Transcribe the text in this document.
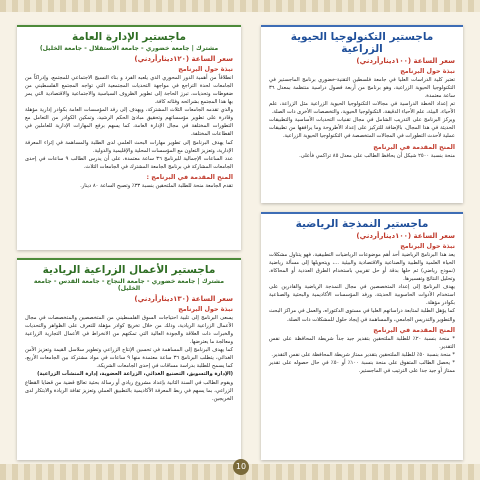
ماجستير التكنولوجيا الحيوية الزراعية
سعر الساعة (١٠٠دينارأردني)
نبذة حول البرنامج

تعتبر كلية الدراسات العليا في جامعة فلسطين التقنية-خضوري برنامج الماجستير في التكنولوجيا الحيوية الزراعية، وهو برنامج من أربعة فصول دراسية منتظمة بمعدل ٣٦ ساعة معتمدة.

تم إعداد الخطة الدراسية في مجالات التكنولوجيا الحيوية الزراعية مثل الزراعة، علم الأحياء، البيئة، علم الأحياء الدقيقة، التكنولوجيا الحيوية، والتخصصات الأخرى ذات الصلة.

ويركز البرنامج على التدريب الشامل في مجال تقنيات التحديات الأساسية والتطبيقات الحديثة في هذا المجال، بالإضافة للتركيز على إعداد الأطروحة وما يرافقها من تطبيقات عملية لأحدث التطورات في المجالات المتخصصة في التكنولوجيا الحيوية الزراعية.

المنح المقدمة في البرنامج

منحة بنسبة ٢٥٠٠ شيكل أن يحافظ الطالب على معدل ٨٥ تراكمي فأعلى.

ماجستير الإدارة العامة
مشترك | جامعة خضوري - جامعة الاستقلال - جامعة الخليل)
سعر الساعة (١٢٠دينارأردني)
نبذة حول البرنامج

انطلاقاً من أهمية الدور المحوري الذي يلعبه الفرد و بناء النسيج الاجتماعي للمجتمع، وإدراكاً من الجامعات لحدة التراجع في مواجهة التحديات المجتمعية التي تواجه المجتمع الفلسطيني من ضغوطات وتحديات، تبرز الحاجة إلى تطوير الظروف السياسية والاجتماعية والاقتصادية التي يمر بها هذا المجتمع بشرائحه وفئاته كافة.

والذي تقدمه الجامعات الثلاث المشتركة، ويهدف إلى رفد المؤسسات العامة بكوادر إدارية مؤهلة وقادرة على تطوير مؤسساتهم وتحقيق مبادئ الحكم الرشيد، وتمكين الكوادر من التعامل مع التطورات المختلفة في مجال الإدارة العامة، كما يسهم برفع المهارات الإدارية للعاملين في القطاعات المختلفة.

كما يهدف البرنامج إلى تطوير مهارات البحث العلمي لدى الطلبة والمساهمة في إثراء المعرفة الإدارية، وتعزيز التعاون مع المؤسسات المحلية والإقليمية والدولية.

عدد الساعات الإجمالية للبرنامج ٣٦ ساعة معتمدة، على أن يدرس الطالب ٩ ساعات في إحدى الجامعات المشاركة في برنامج الجامعة المشترك في الجامعات الثلاث.

المنح المقدمة في البرنامج :

تقدم الجامعة منحة للطلبة الملتحقين بنسبة ٣٣٪ وتصبح الساعة ٨٠ دينار.

ماجستير النمذجة الرياضية
سعر الساعة (١٠٠دينارأردني)
نبذة حول البرنامج

يعد هذا البرنامج الرياضية أحد أهم موضوعات الرياضيات التطبيقية، فهو يتناول مشكلات الحياة العلمية والطبية والصناعية والاقتصادية والبيئية ...، ويتحويلها إلى مسألة رياضية (نموذج رياضي) ثم حلها بدقة أو حل تقريبي باستخدام الطرق العددية أو المحاكاة، وتحليل النتائج وتفسيرها.

يهدف البرنامج إلى إعداد المتخصصين في مجال النمذجة الرياضية والقادرين على استخدام الأدوات الحاسوبية الحديثة، ورفد المؤسسات الأكاديمية والبحثية والصناعية بكوادر مؤهلة.

كما يؤهل الطلبة لمتابعة دراساتهم العليا في مستوى الدكتوراه، والعمل في مراكز البحث والتطوير والتدريس الجامعي، والمساهمة في إيجاد حلول للمشكلات ذات الصلة.

المنح المقدمة في البرنامج

* منحة بنسبة ٢٠٪ للطلبة الملتحقين بتقدير جيد جداً شريطة المحافظة على نفس التقدير.

* منحة بنسبة ٥٠٪ للطلبة الملتحقين بتقدير ممتاز شريطة المحافظة على نفس التقدير.

* يحصل الطالب المتفوق على منحة بنسبة ١٠٠٪ أو ٥٠٪ في حال حصوله على تقدير ممتاز أو جيد جدا على الترتيب في الماجستير.

ماجستير الأعمال الزراعية الريادية
مشترك | جامعة خضوري - جامعة النجاح - جامعة القدس - جامعة الخليل)
سعر الساعة (١٣٠دينارأردني)
نبذة حول البرنامج

يسعى البرنامج إلى تلبية احتياجات السوق الفلسطيني من المتخصصين والمتخصصات في مجال الأعمال الزراعية الريادية، وذلك من خلال تخريج كوادر مؤهلة للتعرف على الظواهر والتحديات والخبرات ذات العلاقة والجودة العالية التي تمكنهم من الانخراط في الأعمال التجارية الزراعية ومعالجة ما يعترضها.

كما يهدف البرنامج إلى المساهمة في تحسين الإنتاج الزراعي وتطوير سلاسل القيمة وتعزيز الأمن الغذائي، يتطلب البرنامج ٣٦ ساعة معتمدة منها ٩ ساعات في مواد مشتركة بين الجامعات الأربع، كما يسمح للطلبة بدراسة مساقات في إحدى الجامعات الشريكة.

(الإدارة والتسويق، التصنيع الغذائي، الزراعة العضوية، إدارة المنشآت الزراعية)

ويقوم الطالب في السنة الثانية بإعداد مشروع ريادي أو رسالة بحثية تعالج قضية من قضايا القطاع الزراعي، بما يسهم في ربط المعرفة الأكاديمية بالتطبيق العملي وتعزيز ثقافة الريادة والابتكار لدى الخريجين.

10
